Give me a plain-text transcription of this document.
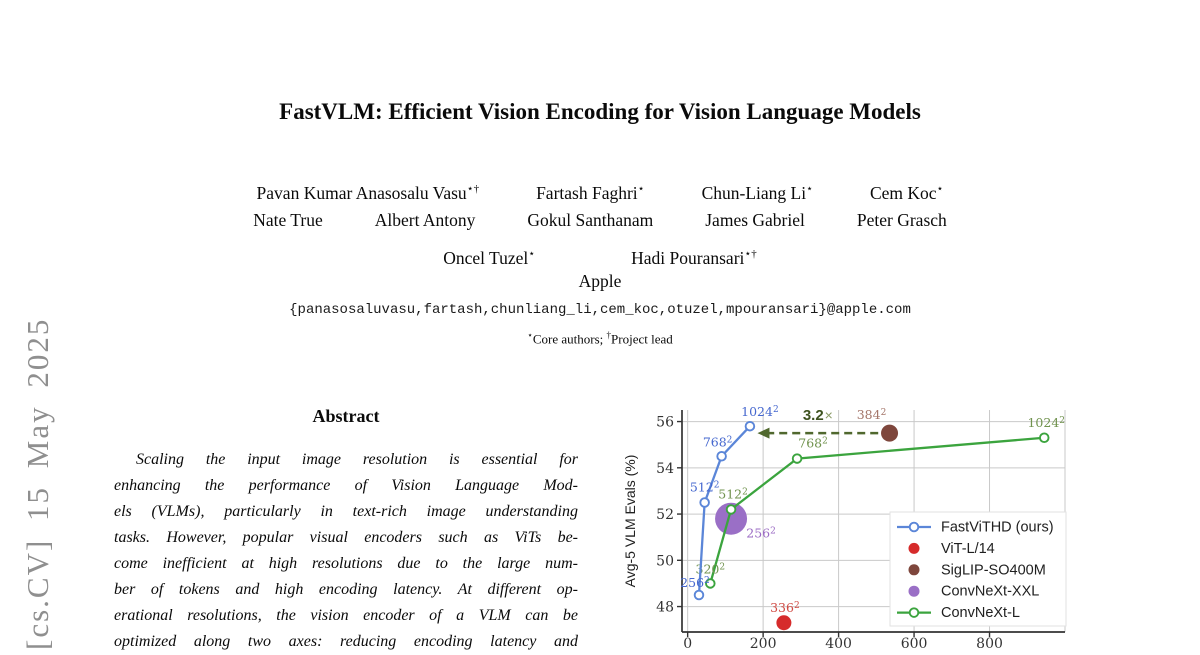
[cs.CV] 15 May 2025
FastVLM: Efficient Vision Encoding for Vision Language Models
Pavan Kumar Anasosalu Vasu⋆†	Fartash Faghri⋆	Chun-Liang Li⋆	Cem Koc⋆
Nate True	Albert Antony	Gokul Santhanam	James Gabriel	Peter Grasch
Oncel Tuzel⋆	Hadi Pouransari⋆†
Apple
{panasosaluvasu,fartash,chunliang_li,cem_koc,otuzel,mpouransari}@apple.com
⋆Core authors; †Project lead
Abstract
Scaling the input image resolution is essential for
enhancing the performance of Vision Language Mod-
els (VLMs), particularly in text-rich image understanding
tasks. However, popular visual encoders such as ViTs be-
come inefficient at high resolutions due to the large num-
ber of tokens and high encoding latency. At different op-
erational resolutions, the vision encoder of a VLM can be
optimized along two axes: reducing encoding latency and
48
50
52
54
56
0	200	400	600	800
Avg-5 VLM Evals (%)	$256^2$
$320^2$
$512^2$
$768^2$
1024$^2$
$256^2$
$512^2$
$768^2$
1024$^2$
$336^2$
$384^2$
3.2×
FastViTHD (ours)
ViT-L/14
SigLIP-SO400M
ConvNeXt-XXL
ConvNeXt-L
